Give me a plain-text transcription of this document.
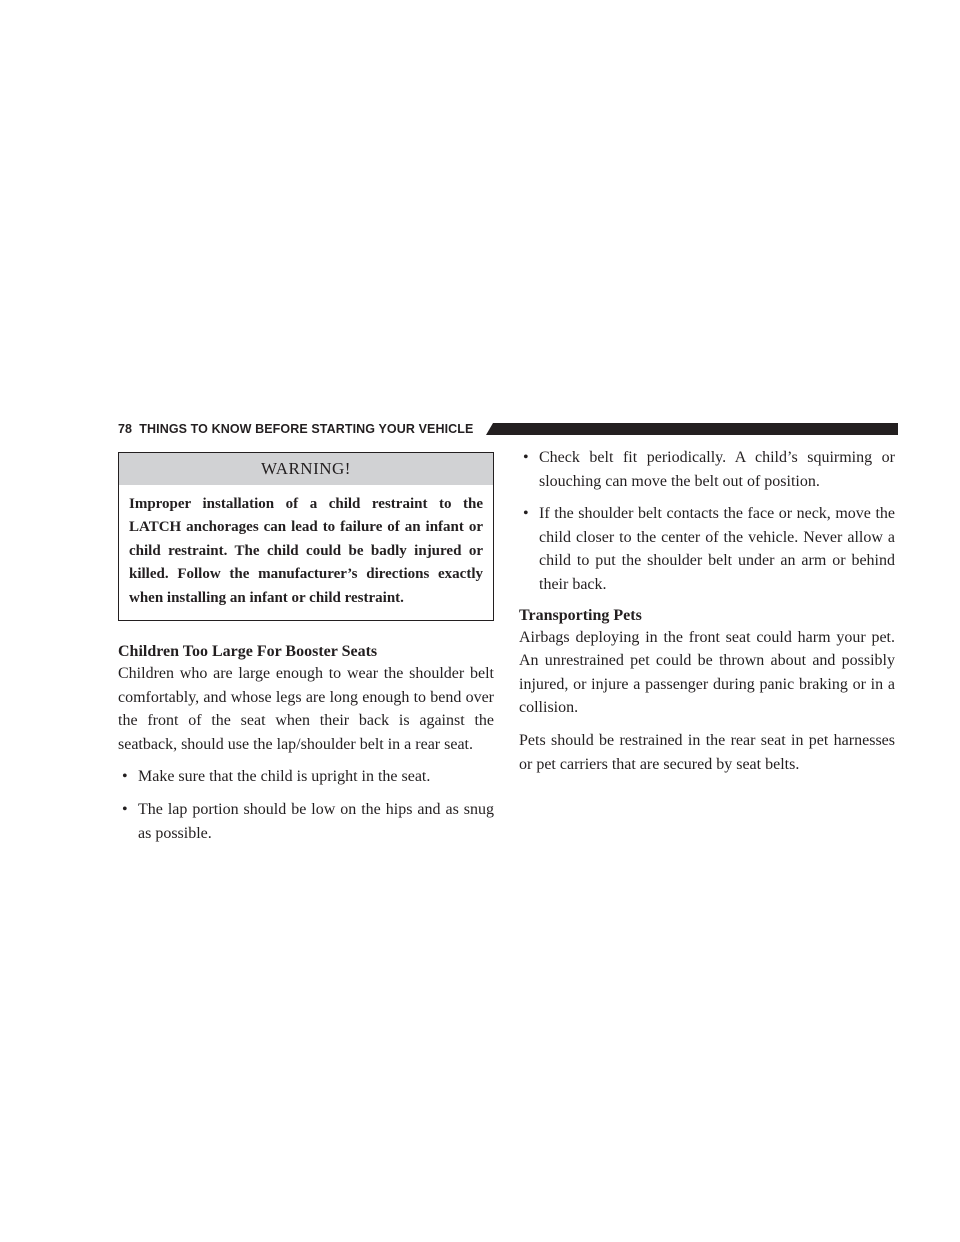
78 THINGS TO KNOW BEFORE STARTING YOUR VEHICLE
WARNING!
Improper installation of a child restraint to the LATCH anchorages can lead to failure of an infant or child restraint. The child could be badly injured or killed. Follow the manufacturer’s directions exactly when installing an infant or child restraint.

Children Too Large For Booster Seats

Children who are large enough to wear the shoulder belt comfortably, and whose legs are long enough to bend over the front of the seat when their back is against the seatback, should use the lap/shoulder belt in a rear seat.

• Make sure that the child is upright in the seat.
• The lap portion should be low on the hips and as snug as possible.
• Check belt fit periodically. A child’s squirming or slouching can move the belt out of position.
• If the shoulder belt contacts the face or neck, move the child closer to the center of the vehicle. Never allow a child to put the shoulder belt under an arm or behind their back.

Transporting Pets

Airbags deploying in the front seat could harm your pet. An unrestrained pet could be thrown about and possibly injured, or injure a passenger during panic braking or in a collision.

Pets should be restrained in the rear seat in pet harnesses or pet carriers that are secured by seat belts.
